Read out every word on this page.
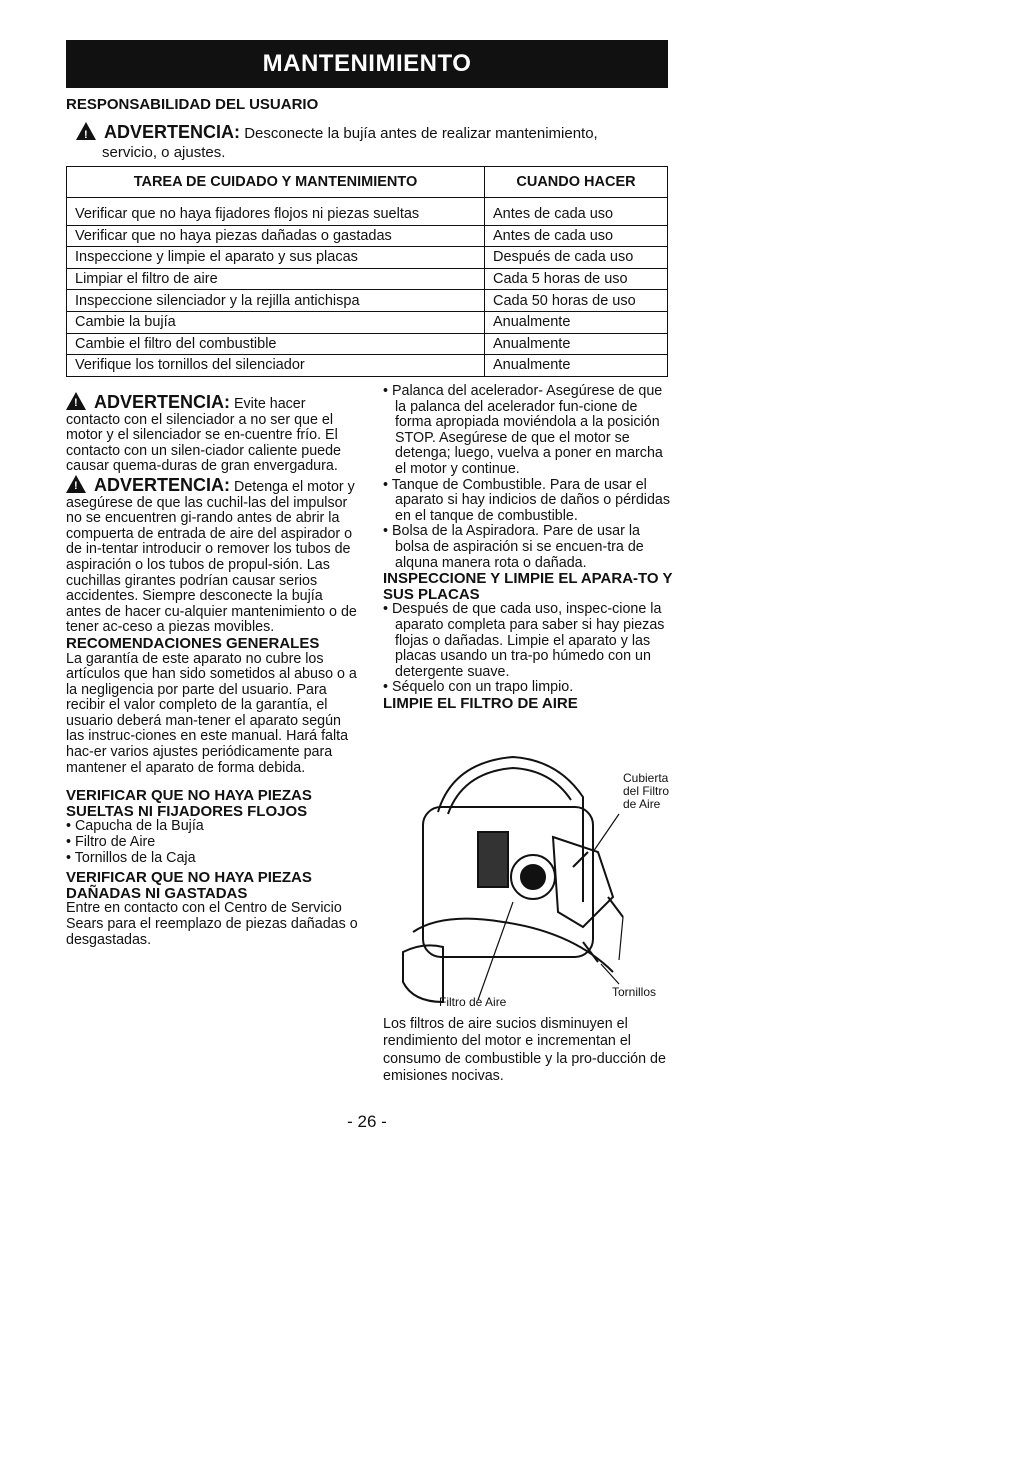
MANTENIMIENTO
RESPONSABILIDAD DEL USUARIO
!ADVERTENCIA: Desconecte la bujía antes de realizar mantenimiento,
servicio, o ajustes.
TAREA DE CUIDADO Y MANTENIMIENTO	CUANDO HACER

Verificar que no haya fijadores flojos ni piezas sueltas	Antes de cada uso
Verificar que no haya piezas dañadas o gastadas	Antes de cada uso
Inspeccione y limpie el aparato y sus placas	Después de cada uso
Limpiar el filtro de aire	Cada 5 horas de uso
Inspeccione silenciador y la rejilla antichispa	Cada 50 horas de uso
Cambie la bujía	Anualmente
Cambie el filtro del combustible	Anualmente
Verifique los tornillos del silenciador	Anualmente

!ADVERTENCIA: Evite hacer contacto con el silenciador a no ser que el motor y el silenciador se en-cuentre frío. El contacto con un silen-ciador caliente puede causar quema-duras de gran envergadura.

!ADVERTENCIA: Detenga el motor y asegúrese de que las cuchil-las del impulsor no se encuentren gi-rando antes de abrir la compuerta de entrada de aire del aspirador o de in-tentar introducir o remover los tubos de aspiración o los tubos de propul-sión. Las cuchillas girantes podrían causar serios accidentes. Siempre desconecte la bujía antes de hacer cu-alquier mantenimiento o de tener ac-ceso a piezas movibles.

RECOMENDACIONES GENERALES

La garantía de este aparato no cubre los artículos que han sido sometidos al abuso o a la negligencia por parte del usuario. Para recibir el valor completo de la garantía, el usuario deberá man-tener el aparato según las instruc-ciones en este manual. Hará falta hac-er varios ajustes periódicamente para mantener el aparato de forma debida.

VERIFICAR QUE NO HAYA PIEZAS SUELTAS NI FIJADORES FLOJOS

• Capucha de la Bujía

• Filtro de Aire

• Tornillos de la Caja

VERIFICAR QUE NO HAYA PIEZAS DAÑADAS NI GASTADAS

Entre en contacto con el Centro de Servicio Sears para el reemplazo de piezas dañadas o desgastadas.

• Palanca del acelerador- Asegúrese de que la palanca del acelerador fun-cione de forma apropiada moviéndola a la posición STOP. Asegúrese de que el motor se detenga; luego, vuelva a poner en marcha el motor y continue.

• Tanque de Combustible. Para de usar el aparato si hay indicios de daños o pérdidas en el tanque de combustible.

• Bolsa de la Aspiradora. Pare de usar la bolsa de aspiración si se encuen-tra de alquna manera rota o dañada.

INSPECCIONE Y LIMPIE EL APARA-TO Y SUS PLACAS

• Después de que cada uso, inspec-cione la aparato completa para saber si hay piezas flojas o dañadas. Limpie el aparato y las placas usando un tra-po húmedo con un detergente suave.

• Séquelo con un trapo limpio.

LIMPIE EL FILTRO DE AIRE

Cubierta del Filtro de Aire
Tornillos
Filtro de Aire
Los filtros de aire sucios disminuyen el rendimiento del motor e incrementan el consumo de combustible y la pro-ducción de emisiones nocivas.
- 26 -
